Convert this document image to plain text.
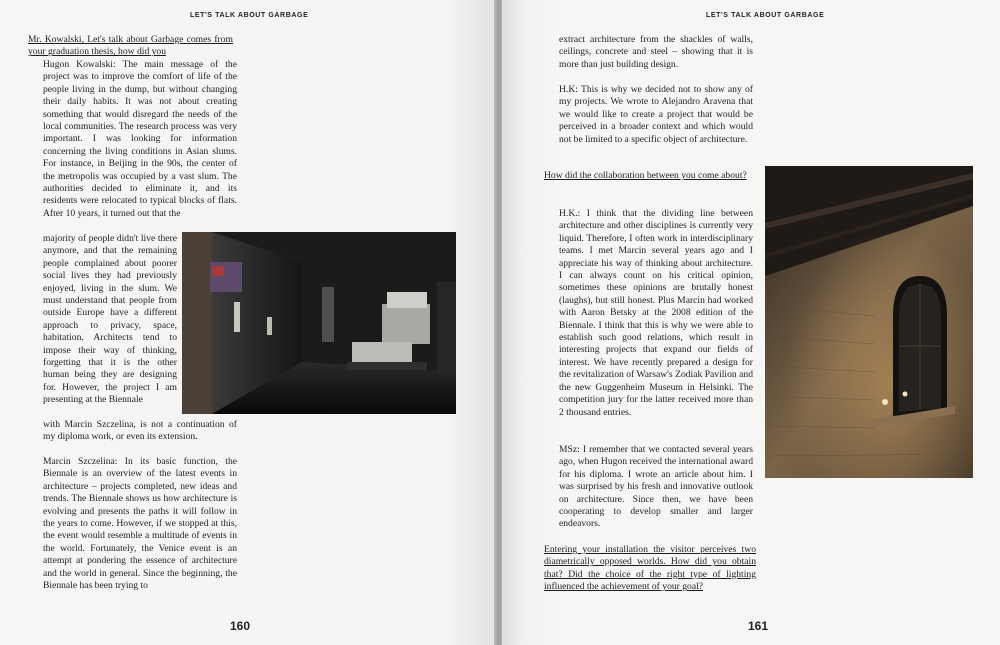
LET'S TALK ABOUT GARBAGE

Mr. Kowalski, Let's talk about Garbage comes from your graduation thesis, how did you

Hugon Kowalski: The main message of the project was to improve the comfort of life of the people living in the dump, but without changing their daily habits. It was not about creating something that would disregard the needs of the local communities. The research process was very important. I was looking for information concerning the living conditions in Asian slums. For instance, in Beijing in the 90s, the center of the metropolis was occupied by a vast slum. The authorities decided to eliminate it, and its residents were relocated to typical blocks of flats. After 10 years, it turned out that the
majority of people didn't live there anymore, and that the remaining people complained about poorer social lives they had previously enjoyed, living in the slum. We must understand that people from outside Europe have a different approach to privacy, space, habitation. Architects tend to impose their way of thinking, forgetting that it is the other human being they are designing for. However, the project I am presenting at the Biennale
with Marcin Szczelina, is not a continuation of my diploma work, or even its extension.
Marcin Szczelina: In its basic function, the Biennale is an overview of the latest events in architecture – projects completed, new ideas and trends. The Biennale shows us how architecture is evolving and presents the paths it will follow in the years to come. However, if we stopped at this, the event would resemble a multitude of events in the world. Fortunately, the Venice event is an attempt at pondering the essence of architecture and the world in general. Since the beginning, the Biennale has been trying to
160
LET'S TALK ABOUT GARBAGE
extract architecture from the shackles of walls, ceilings, concrete and steel – showing that it is more than just building design.
H.K: This is why we decided not to show any of my projects. We wrote to Alejandro Aravena that we would like to create a project that would be perceived in a broader context and which would not be limited to a specific object of architecture.

How did the collaboration between you come about?

H.K.: I think that the dividing line between architecture and other disciplines is currently very liquid. Therefore, I often work in interdisciplinary teams. I met Marcin several years ago and I appreciate his way of thinking about architecture. I can always count on his critical opinion, sometimes these opinions are brutally honest (laughs), but still honest. Plus Marcin had worked with Aaron Betsky at the 2008 edition of the Biennale. I think that this is why we were able to establish such good relations, which result in interesting projects that expand our fields of interest. We have recently prepared a design for the revitalization of Warsaw's Zodiak Pavilion and the new Guggenheim Museum in Helsinki. The competition jury for the latter received more than 2 thousand entries.
MSz: I remember that we contacted several years ago, when Hugon received the international award for his diploma. I wrote an article about him. I was surprised by his fresh and innovative outlook on architecture. Since then, we have been cooperating to develop smaller and larger endeavors.

Entering your installation the visitor perceives two diametrically opposed worlds. How did you obtain that? Did the choice of the right type of lighting influenced the achievement of your goal?

161
